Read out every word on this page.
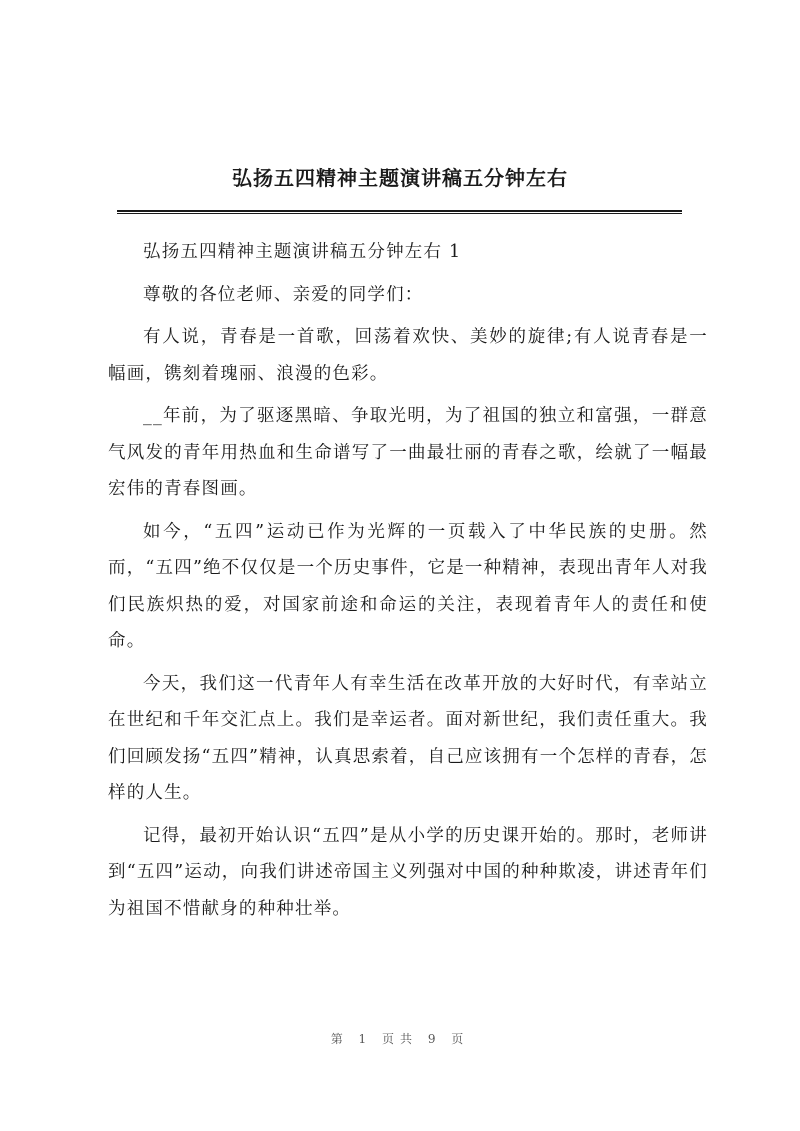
弘扬五四精神主题演讲稿五分钟左右

弘扬五四精神主题演讲稿五分钟左右 1

尊敬的各位老师、亲爱的同学们：

有人说，青春是一首歌，回荡着欢快、美妙的旋律;有人说青春是一幅画，镌刻着瑰丽、浪漫的色彩。

__年前，为了驱逐黑暗、争取光明，为了祖国的独立和富强，一群意气风发的青年用热血和生命谱写了一曲最壮丽的青春之歌，绘就了一幅最宏伟的青春图画。

如今，“五四”运动已作为光辉的一页载入了中华民族的史册。然而，“五四”绝不仅仅是一个历史事件，它是一种精神，表现出青年人对我们民族炽热的爱，对国家前途和命运的关注，表现着青年人的责任和使命。

今天，我们这一代青年人有幸生活在改革开放的大好时代，有幸站立在世纪和千年交汇点上。我们是幸运者。面对新世纪，我们责任重大。我们回顾发扬“五四”精神，认真思索着，自己应该拥有一个怎样的青春，怎样的人生。

记得，最初开始认识“五四”是从小学的历史课开始的。那时，老师讲到“五四”运动，向我们讲述帝国主义列强对中国的种种欺凌，讲述青年们为祖国不惜献身的种种壮举。

第 1 页共 9 页
